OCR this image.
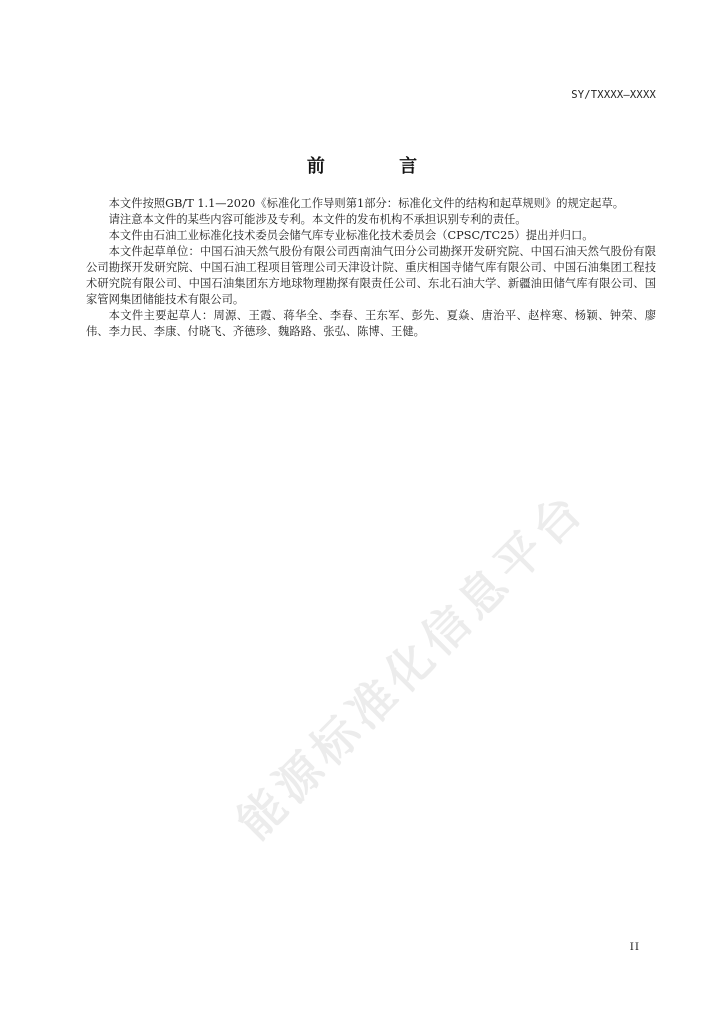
SY/TXXXX—XXXX
前 言

本文件按照GB/T 1.1—2020《标准化工作导则第1部分：标准化文件的结构和起草规则》的规定起草。

请注意本文件的某些内容可能涉及专利。本文件的发布机构不承担识别专利的责任。

本文件由石油工业标准化技术委员会储气库专业标准化技术委员会（CPSC/TC25）提出并归口。

本文件起草单位：中国石油天然气股份有限公司西南油气田分公司勘探开发研究院、中国石油天然气股份有限公司勘探开发研究院、中国石油工程项目管理公司天津设计院、重庆相国寺储气库有限公司、中国石油集团工程技术研究院有限公司、中国石油集团东方地球物理勘探有限责任公司、东北石油大学、新疆油田储气库有限公司、国家管网集团储能技术有限公司。

本文件主要起草人：周源、王霞、蒋华全、李春、王东军、彭先、夏焱、唐治平、赵梓寒、杨颖、钟荣、廖伟、李力民、李康、付晓飞、齐德珍、魏路路、张弘、陈博、王健。

能源标准化信息平台
II
